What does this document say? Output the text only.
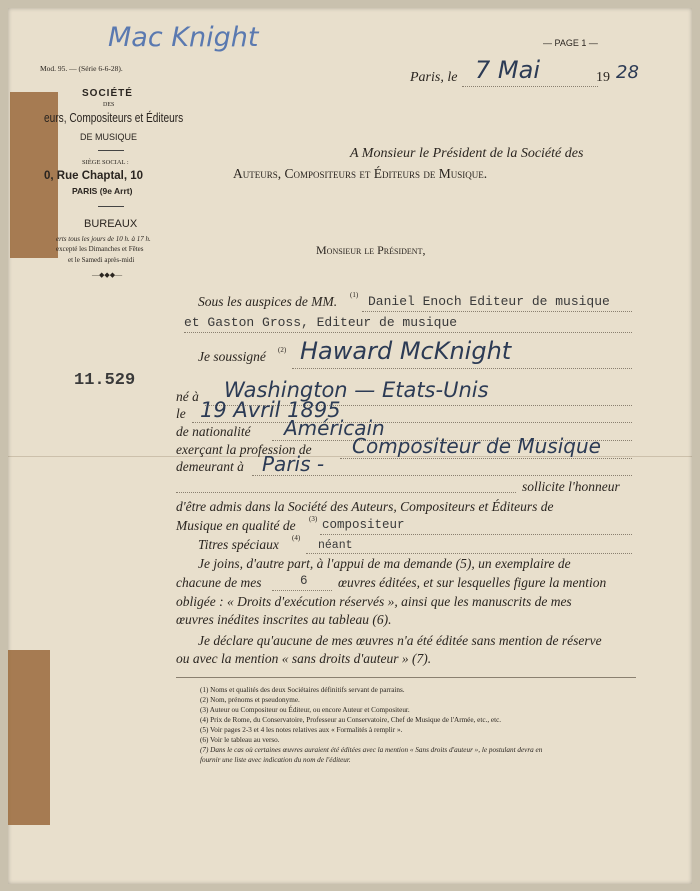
Mac Knight	— PAGE 1 —
Mod. 95. — (Série 6-6-28).
SOCIÉTÉ
DES
eurs, Compositeurs et Éditeurs
DE MUSIQUE
SIÈGE SOCIAL :
0, Rue Chaptal, 10
PARIS (9e Arrt)
BUREAUX
erts tous les jours de 10 h. à 17 h.
excepté les Dimanches et Fêtes
et le Samedi après-midi
—◆◆◆—
Paris, le 7 Mai	19 28
A Monsieur le Président de la Société des
Auteurs, Compositeurs et Éditeurs de Musique.
Monsieur le Président,
Sous les auspices de MM. (1) Daniel Enoch Editeur de musique
et Gaston Gross, Editeur de musique
11.529
Je soussigné (2) Haward McKnight
né à Washington — Etats-Unis
le 19 Avril 1895
de nationalité Américain
exerçant la profession de Compositeur de Musique
demeurant à Paris -
sollicite l'honneur
d'être admis dans la Société des Auteurs, Compositeurs et Éditeurs de
Musique en qualité de (3) compositeur
Titres spéciaux (4)
néant
Je joins, d'autre part, à l'appui de ma demande (5), un exemplaire de
chacune de mes	6 œuvres éditées, et sur lesquelles figure la mention
obligée : « Droits d'exécution réservés », ainsi que les manuscrits de mes
œuvres inédites inscrites au tableau (6).
Je déclare qu'aucune de mes œuvres n'a été éditée sans mention de réserve
ou avec la mention « sans droits d'auteur » (7).
(1) Noms et qualités des deux Sociétaires définitifs servant de parrains.
(2) Nom, prénoms et pseudonyme.
(3) Auteur ou Compositeur ou Éditeur, ou encore Auteur et Compositeur.
(4) Prix de Rome, du Conservatoire, Professeur au Conservatoire, Chef de Musique de l'Armée, etc., etc.
(5) Voir pages 2-3 et 4 les notes relatives aux « Formalités à remplir ».
(6) Voir le tableau au verso.
(7) Dans le cas où certaines œuvres auraient été éditées avec la mention « Sans droits d'auteur », le postulant devra en
fournir une liste avec indication du nom de l'éditeur.
